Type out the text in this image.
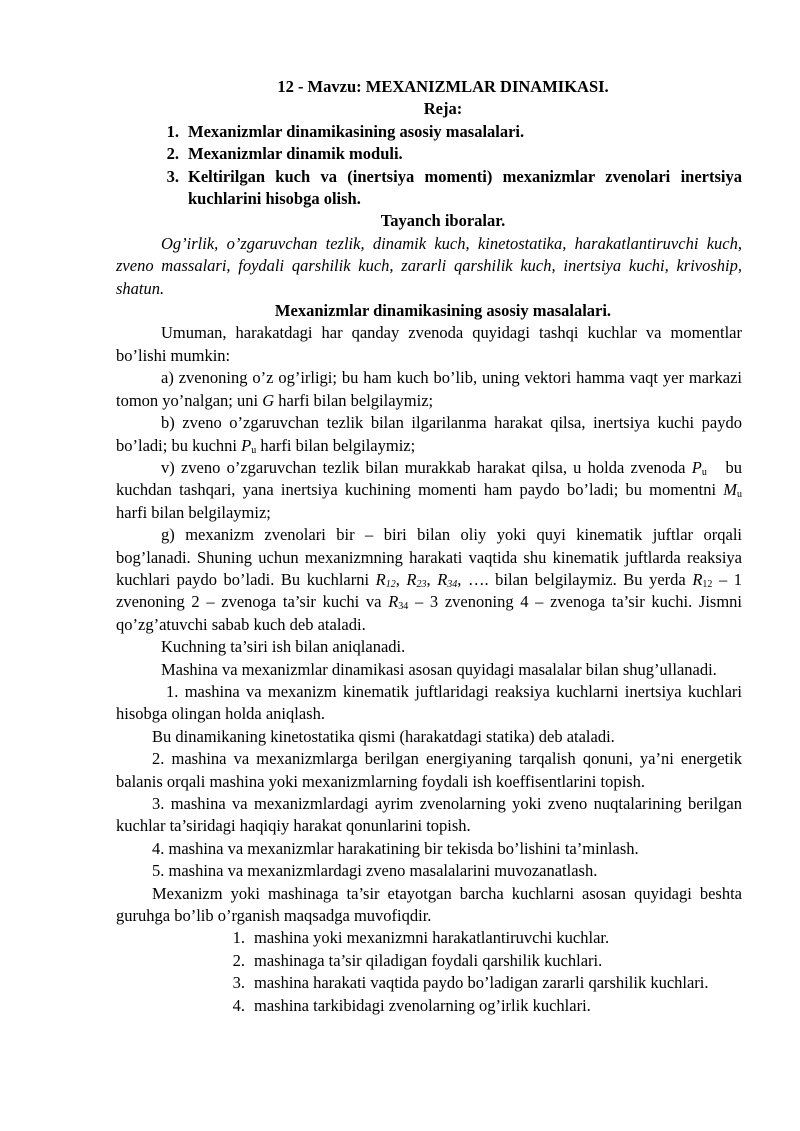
12 - Mavzu: MEXANIZMLAR DINAMIKASI.
Reja:
1. Mexanizmlar dinamikasining asosiy masalalari.
2. Mexanizmlar dinamik moduli.
3. Keltirilgan kuch va (inertsiya momenti) mexanizmlar zvenolari inertsiya kuchlarini hisobga olish.
Tayanch iboralar.
Og’irlik, o’zgaruvchan tezlik, dinamik kuch, kinetostatika, harakatlantiruvchi kuch, zveno massalari, foydali qarshilik kuch, zararli qarshilik kuch, inertsiya kuchi, krivoship, shatun.
Mexanizmlar dinamikasining asosiy masalalari.
Umuman, harakatdagi har qanday zvenoda quyidagi tashqi kuchlar va momentlar bo’lishi mumkin:
a) zvenoning o’z og’irligi; bu ham kuch bo’lib, uning vektori hamma vaqt yer markazi tomon yo’nalgan; uni G harfi bilan belgilaymiz;
b) zveno o’zgaruvchan tezlik bilan ilgarilanma harakat qilsa, inertsiya kuchi paydo bo’ladi; bu kuchni $P_u$ harfi bilan belgilaymiz;
v) zveno o’zgaruvchan tezlik bilan murakkab harakat qilsa, u holda zvenoda $P_u$   bu kuchdan tashqari, yana inertsiya kuchining momenti ham paydo bo’ladi; bu momentni $M_u$ harfi bilan belgilaymiz;
g) mexanizm zvenolari bir – biri bilan oliy yoki quyi kinematik juftlar orqali bog’lanadi. Shuning uchun mexanizmning harakati vaqtida shu kinematik juftlarda reaksiya kuchlari paydo bo’ladi. Bu kuchlarni $R_{12}$, $R_{23}$, $R_{34}$, …. bilan belgilaymiz. Bu yerda $R_{12} - 1$ zvenoning 2 – zvenoga ta’sir kuchi va $R_{34} - 3$ zvenoning 4 – zvenoga ta’sir kuchi. Jismni qo’zg’atuvchi sabab kuch deb ataladi.
Kuchning ta’siri ish bilan aniqlanadi.
Mashina va mexanizmlar dinamikasi asosan quyidagi masalalar bilan shug’ullanadi.
1. mashina va mexanizm kinematik juftlaridagi reaksiya kuchlarni inertsiya kuchlari hisobga olingan holda aniqlash.
Bu dinamikaning kinetostatika qismi (harakatdagi statika) deb ataladi.
2. mashina va mexanizmlarga berilgan energiyaning tarqalish qonuni, ya’ni energetik balanis orqali mashina yoki mexanizmlarning foydali ish koeffisentlarini topish.
3. mashina va mexanizmlardagi ayrim zvenolarning yoki zveno nuqtalarining berilgan kuchlar ta’siridagi haqiqiy harakat qonunlarini topish.
4. mashina va mexanizmlar harakatining bir tekisda bo’lishini ta’minlash.
5. mashina va mexanizmlardagi zveno masalalarini muvozanatlash.
Mexanizm yoki mashinaga ta’sir etayotgan barcha kuchlarni asosan quyidagi beshta guruhga bo’lib o’rganish maqsadga muvofiqdir.
1. mashina yoki mexanizmni harakatlantiruvchi kuchlar.
2. mashinaga ta’sir qiladigan foydali qarshilik kuchlari.
3. mashina harakati vaqtida paydo bo’ladigan zararli qarshilik kuchlari.
4. mashina tarkibidagi zvenolarning og’irlik kuchlari.
